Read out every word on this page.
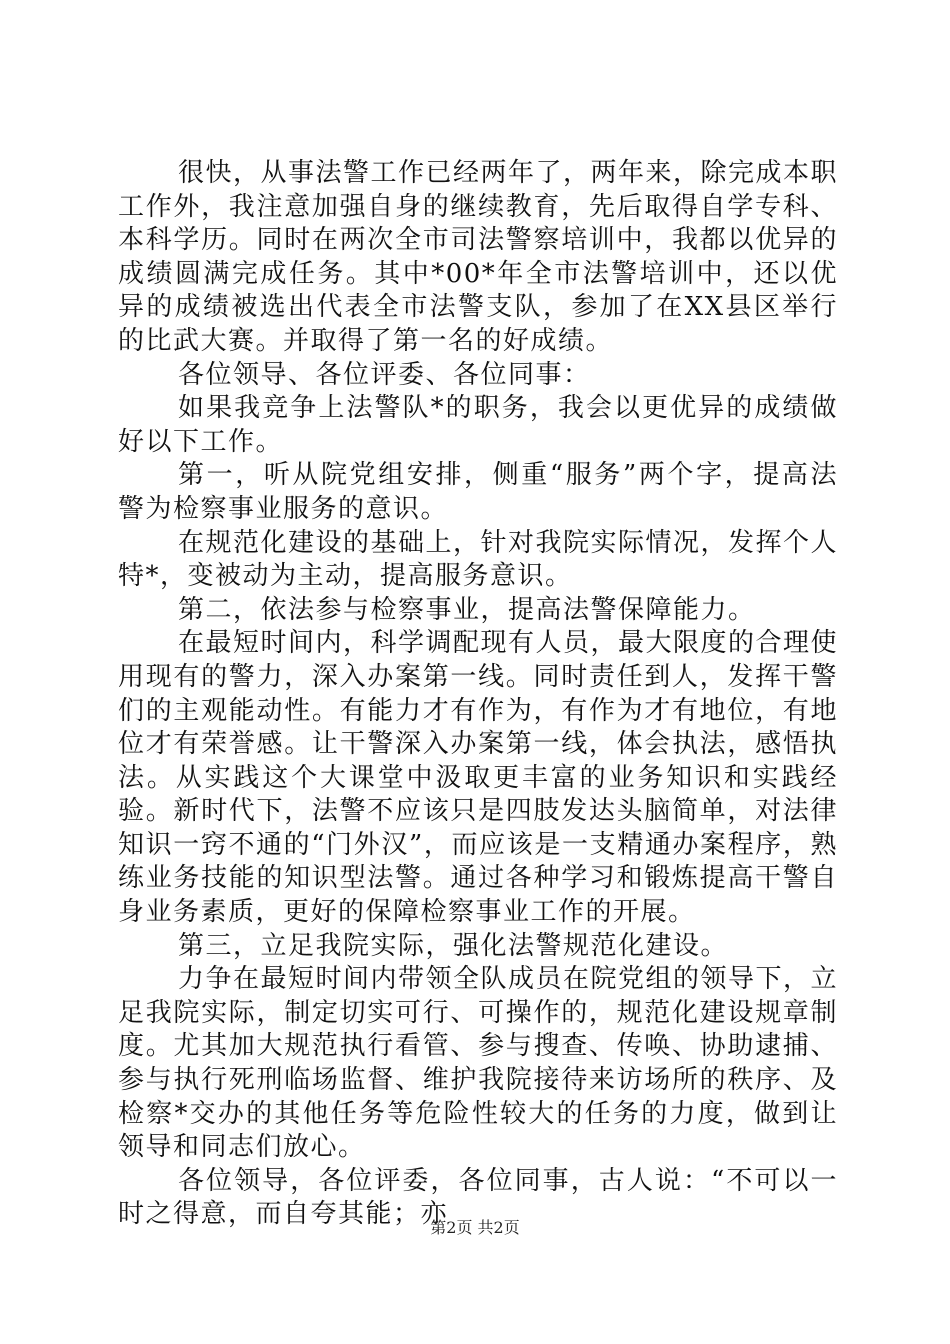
很快，从事法警工作已经两年了，两年来，除完成本职工作外，我注意加强自身的继续教育，先后取得自学专科、本科学历。同时在两次全市司法警察培训中，我都以优异的成绩圆满完成任务。其中*00*年全市法警培训中，还以优异的成绩被选出代表全市法警支队，参加了在XX县区举行的比武大赛。并取得了第一名的好成绩。

各位领导、各位评委、各位同事：

如果我竞争上法警队*的职务，我会以更优异的成绩做好以下工作。

第一，听从院党组安排，侧重“服务”两个字，提高法警为检察事业服务的意识。

在规范化建设的基础上，针对我院实际情况，发挥个人特*，变被动为主动，提高服务意识。

第二，依法参与检察事业，提高法警保障能力。

在最短时间内，科学调配现有人员，最大限度的合理使用现有的警力，深入办案第一线。同时责任到人，发挥干警们的主观能动性。有能力才有作为，有作为才有地位，有地位才有荣誉感。让干警深入办案第一线，体会执法，感悟执法。从实践这个大课堂中汲取更丰富的业务知识和实践经验。新时代下，法警不应该只是四肢发达头脑简单，对法律知识一窍不通的“门外汉”，而应该是一支精通办案程序，熟练业务技能的知识型法警。通过各种学习和锻炼提高干警自身业务素质，更好的保障检察事业工作的开展。

第三，立足我院实际，强化法警规范化建设。

力争在最短时间内带领全队成员在院党组的领导下，立足我院实际，制定切实可行、可操作的，规范化建设规章制度。尤其加大规范执行看管、参与搜查、传唤、协助逮捕、参与执行死刑临场监督、维护我院接待来访场所的秩序、及检察*交办的其他任务等危险性较大的任务的力度，做到让领导和同志们放心。

各位领导，各位评委，各位同事，古人说：“不可以一时之得意，而自夸其能；亦

第2页 共2页
